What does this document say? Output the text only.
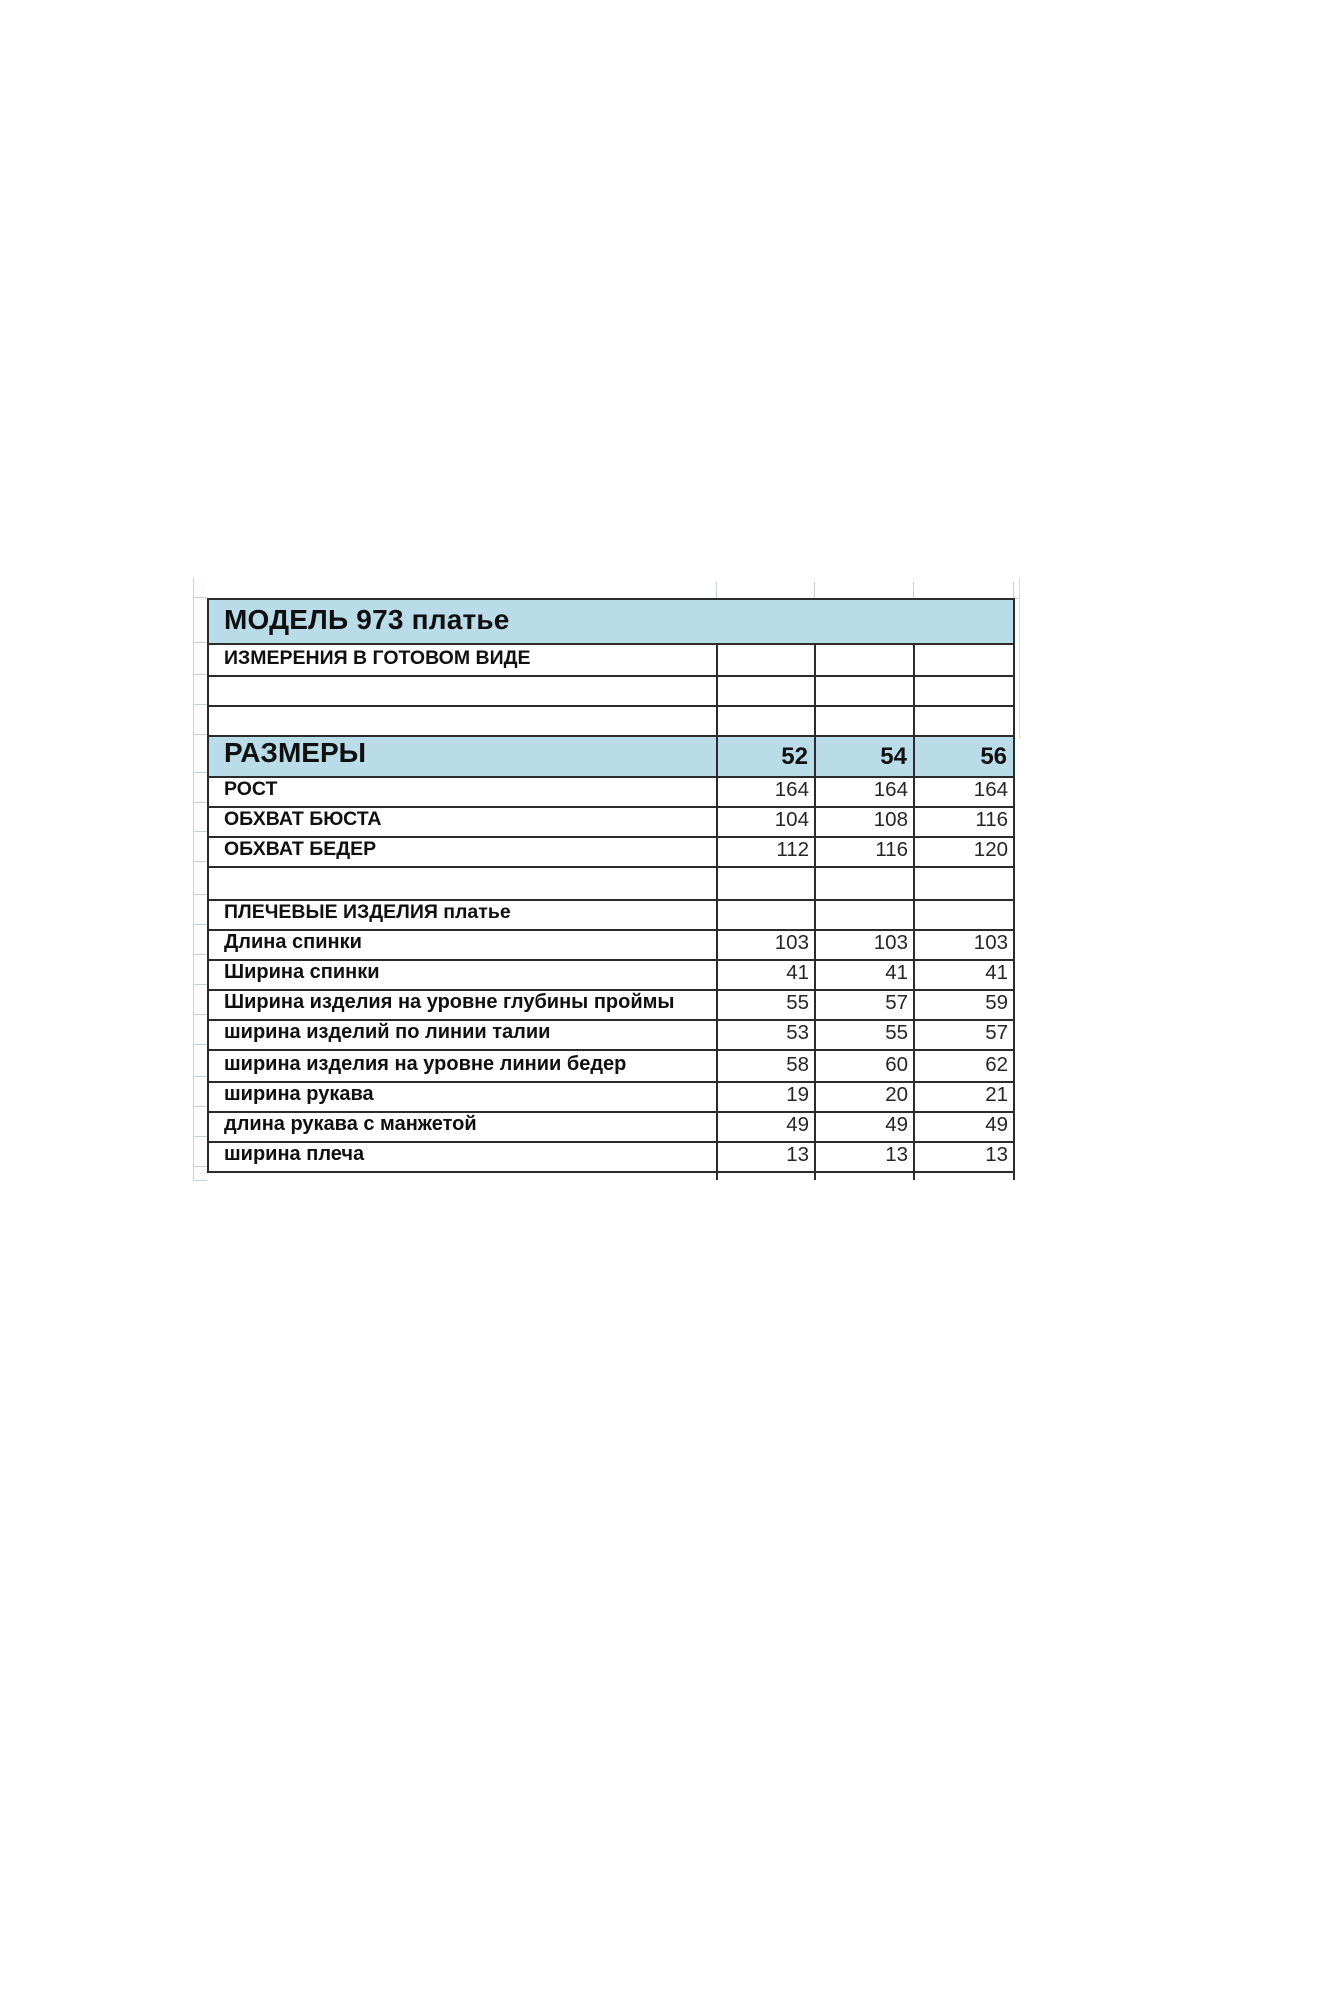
МОДЕЛЬ 973 платье			
ИЗМЕРЕНИЯ В ГОТОВОМ ВИДЕ			

РАЗМЕРЫ	52	54	56
РОСТ	164	164	164
ОБХВАТ БЮСТА	104	108	116
ОБХВАТ БЕДЕР	112	116	120

ПЛЕЧЕВЫЕ ИЗДЕЛИЯ платье			
Длина спинки	103	103	103
Ширина спинки	41	41	41
Ширина изделия на уровне глубины проймы	55	57	59
ширина изделий по линии талии	53	55	57
ширина изделия на уровне линии бедер	58	60	62
ширина рукава	19	20	21
длина рукава с манжетой	49	49	49
ширина плеча	13	13	13
